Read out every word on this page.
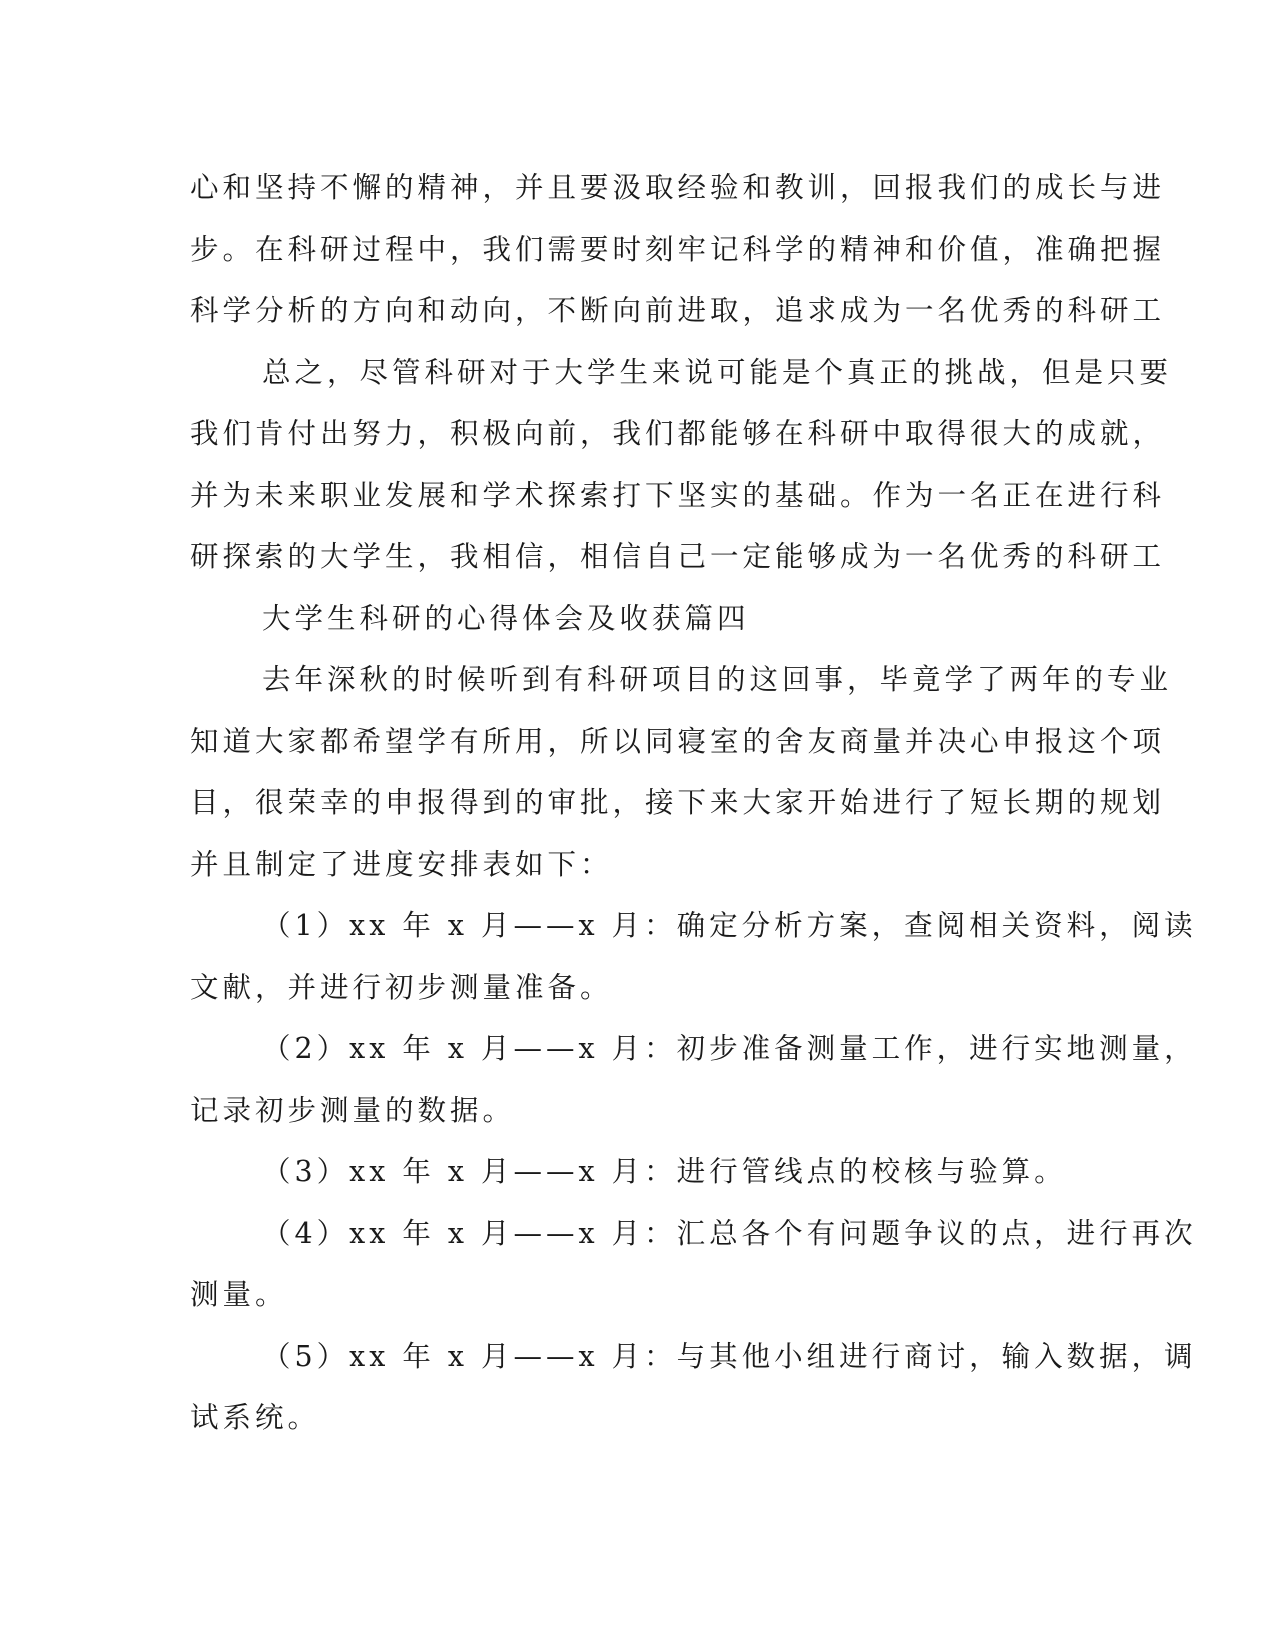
心和坚持不懈的精神，并且要汲取经验和教训，回报我们的成长与进
步。在科研过程中，我们需要时刻牢记科学的精神和价值，准确把握
科学分析的方向和动向，不断向前进取，追求成为一名优秀的科研工
总之，尽管科研对于大学生来说可能是个真正的挑战，但是只要
我们肯付出努力，积极向前，我们都能够在科研中取得很大的成就，
并为未来职业发展和学术探索打下坚实的基础。作为一名正在进行科
研探索的大学生，我相信，相信自己一定能够成为一名优秀的科研工
大学生科研的心得体会及收获篇四
去年深秋的时候听到有科研项目的这回事，毕竟学了两年的专业
知道大家都希望学有所用，所以同寝室的舍友商量并决心申报这个项
目，很荣幸的申报得到的审批，接下来大家开始进行了短长期的规划
并且制定了进度安排表如下：
（1）xx 年 x 月——x 月：确定分析方案，查阅相关资料，阅读
文献，并进行初步测量准备。
（2）xx 年 x 月——x 月：初步准备测量工作，进行实地测量，
记录初步测量的数据。
（3）xx 年 x 月——x 月：进行管线点的校核与验算。
（4）xx 年 x 月——x 月：汇总各个有问题争议的点，进行再次
测量。
（5）xx 年 x 月——x 月：与其他小组进行商讨，输入数据，调
试系统。
